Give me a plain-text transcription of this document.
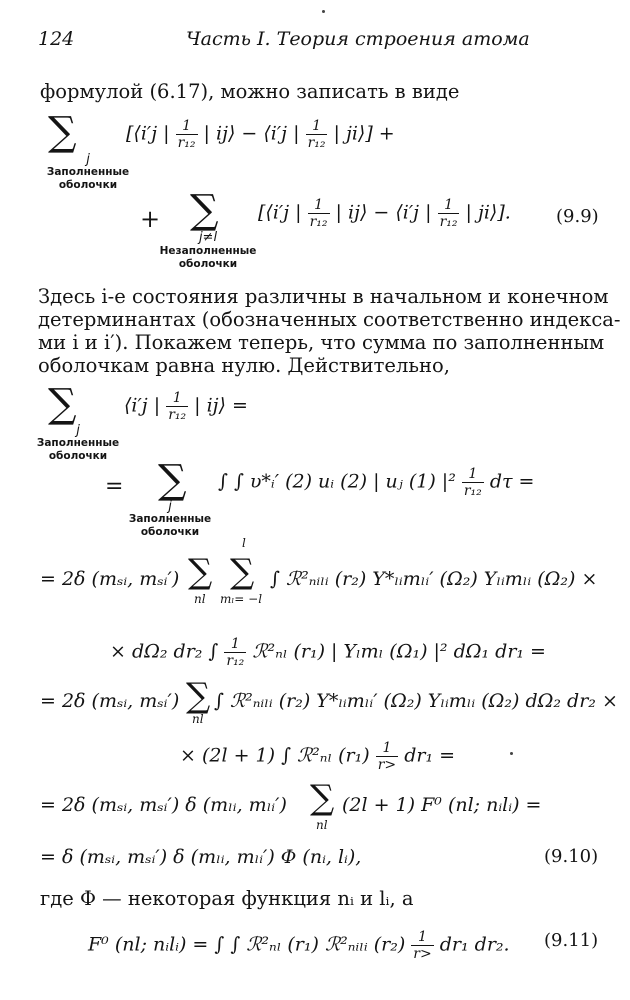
124	Часть I. Теория строения атома
формулой (6.17), можно записать в виде
∑
j
Заполненные
оболочки
[⟨i′j | $\frac{1}{\text{r₁₂}}$ | ij⟩ − ⟨i′j | $\frac{1}{\text{r₁₂}}$ | ji⟩] +
+ ∑
j≠l
Незаполненные
оболочки
[⟨i′j | $\frac{1}{\text{r₁₂}}$ | ij⟩ − ⟨i′j | $\frac{1}{\text{r₁₂}}$ | ji⟩].	(9.9)
Здесь i-е состояния различны в начальном и конечном
детерминантах (обозначенных соответственно индекса-
ми i и i′). Покажем теперь, что сумма по заполненным
оболочкам равна нулю. Действительно,
∑
j
Заполненные
оболочки
⟨i′j | $\frac{1}{\text{r₁₂}}$ | ij⟩ =
= ∑
j
Заполненные
оболочки
∫ ∫ υ*ᵢ′ (2) uᵢ (2) | uⱼ (1) $|^2 \frac{1}{\text{r₁₂}}$ dτ =
= 2δ (mₛᵢ, mₛᵢ′) ∑
nl
∑
l
mₗ= −l
∫ ℛ²ₙᵢₗᵢ (r₂) Y*ₗᵢmₗᵢ′ (Ω₂) Yₗᵢmₗᵢ (Ω₂) ×
× dΩ₂ dr₂ ∫ $\frac{1}{\text{r₁₂}}$ ℛ²ₙₗ (r₁) | Yₗmₗ (Ω₁) |² dΩ₁ dr₁ =
= 2δ (mₛᵢ, mₛᵢ′) ∑
nl
∫ ℛ²ₙᵢₗᵢ (r₂) Y*ₗᵢmₗᵢ′ (Ω₂) Yₗᵢmₗᵢ (Ω₂) dΩ₂ dr₂ ×
× (2l + 1) ∫ ℛ²ₙₗ $(r_1) \frac{1}{r>} dr_1$ =
= 2δ (mₛᵢ, mₛᵢ′) δ (mₗᵢ, mₗᵢ′) ∑
nl
(2l + 1) F⁰ (nl; nᵢlᵢ) =
= δ (mₛᵢ, mₛᵢ′) δ (mₗᵢ, mₗᵢ′) Φ (nᵢ, lᵢ),	(9.10)
где Φ — некоторая функция nᵢ и lᵢ, а
F⁰ (nl; nᵢlᵢ) = ∫ ∫ ℛ²ₙₗ (r₁) ℛ²ₙᵢₗᵢ $(r_2) \frac{1}{r>} dr_1$ dr₂. (9.11)
